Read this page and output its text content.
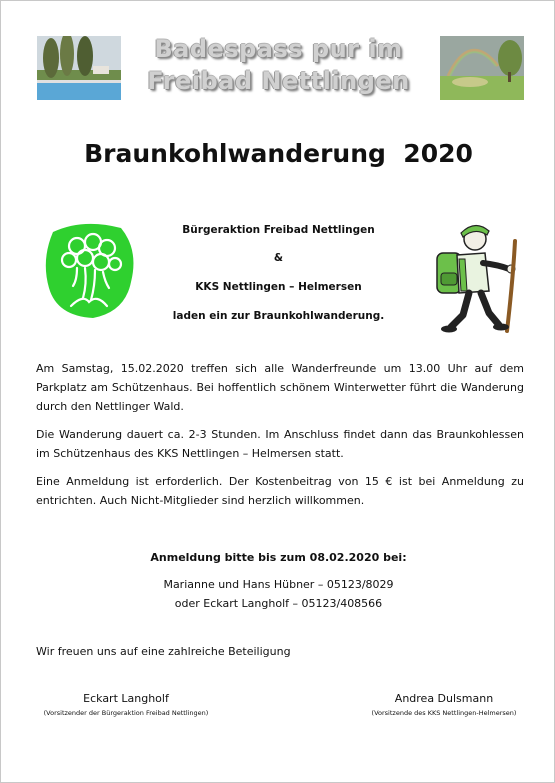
Badespass pur im
Freibad Nettlingen
Braunkohlwanderung  2020
Bürgeraktion Freibad Nettlingen
&
KKS Nettlingen – Helmersen
laden ein zur Braunkohlwanderung.
Am Samstag, 15.02.2020 treffen sich alle Wanderfreunde um 13.00 Uhr auf dem Parkplatz am Schützenhaus. Bei hoffentlich schönem Winterwetter führt die Wanderung durch den Nettlinger Wald.
Die Wanderung dauert ca. 2-3 Stunden. Im Anschluss findet dann das Braunkohlessen im Schützenhaus des KKS Nettlingen – Helmersen statt.
Eine Anmeldung ist erforderlich. Der Kostenbeitrag von 15 € ist bei Anmeldung zu entrichten. Auch Nicht-Mitglieder sind herzlich willkommen.
Anmeldung bitte bis zum 08.02.2020 bei:
Marianne und Hans Hübner – 05123/8029
oder Eckart Langholf – 05123/408566
Wir freuen uns auf eine zahlreiche Beteiligung
Eckart Langholf
(Vorsitzender der Bürgeraktion Freibad Nettlingen)
Andrea Dulsmann
(Vorsitzende des KKS Nettlingen-Helmersen)
